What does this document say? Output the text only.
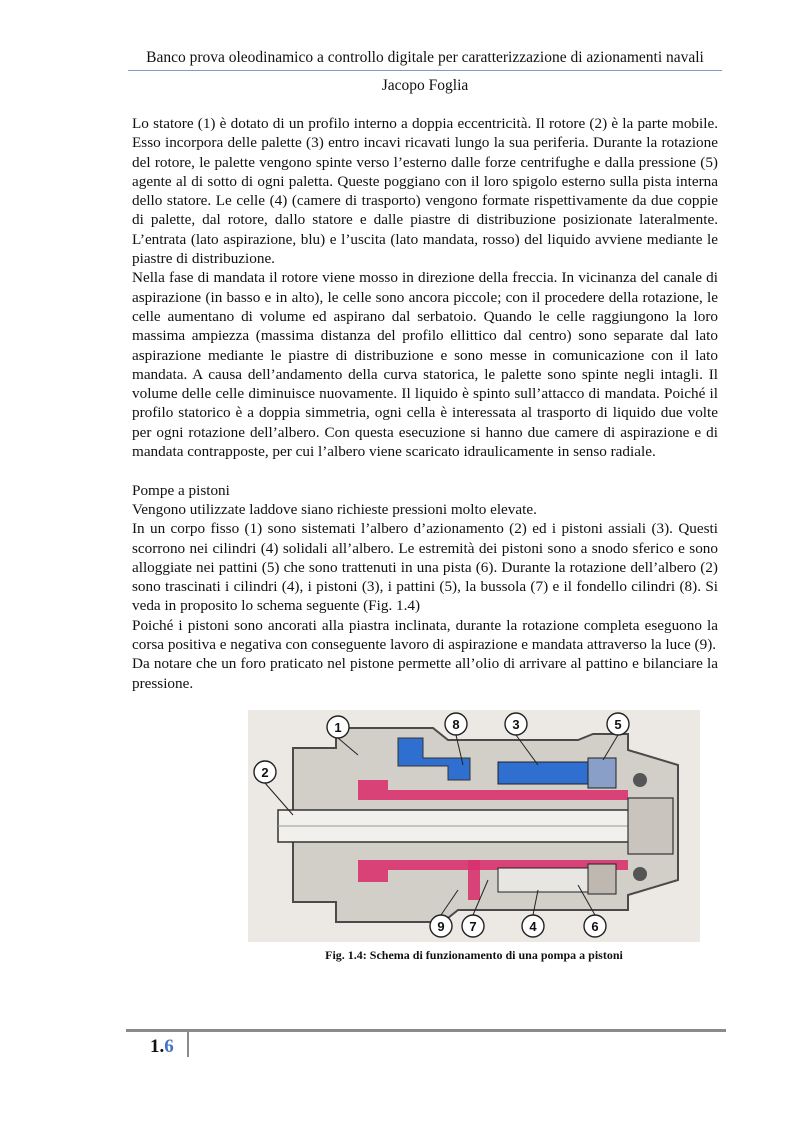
Banco prova oleodinamico a controllo digitale per caratterizzazione di azionamenti navali
Jacopo Foglia

Lo statore (1) è dotato di un profilo interno a doppia eccentricità. Il rotore (2) è la parte mobile. Esso incorpora delle palette (3) entro incavi ricavati lungo la sua periferia. Durante la rotazione del rotore, le palette vengono spinte verso l’esterno dalle forze centrifughe e dalla pressione (5) agente al di sotto di ogni paletta. Queste poggiano con il loro spigolo esterno sulla pista interna dello statore. Le celle (4) (camere di trasporto) vengono formate rispettivamente da due coppie di palette, dal rotore, dallo statore e dalle piastre di distribuzione posizionate lateralmente. L’entrata (lato aspirazione, blu) e l’uscita (lato mandata, rosso) del liquido avviene mediante le piastre di distribuzione.

Nella fase di mandata il rotore viene mosso in direzione della freccia. In vicinanza del canale di aspirazione (in basso e in alto), le celle sono ancora piccole; con il procedere della rotazione, le celle aumentano di volume ed aspirano dal serbatoio. Quando le celle raggiungono la loro massima ampiezza (massima distanza del profilo ellittico dal centro) sono separate dal lato aspirazione mediante le piastre di distribuzione e sono messe in comunicazione con il lato mandata. A causa dell’andamento della curva statorica, le palette sono spinte negli intagli. Il volume delle celle diminuisce nuovamente. Il liquido è spinto sull’attacco di mandata. Poiché il profilo statorico è a doppia simmetria, ogni cella è interessata al trasporto di liquido due volte per ogni rotazione dell’albero. Con questa esecuzione si hanno due camere di aspirazione e di mandata contrapposte, per cui l’albero viene scaricato idraulicamente in senso radiale.

Pompe a pistoni

Vengono utilizzate laddove siano richieste pressioni molto elevate.

In un corpo fisso (1) sono sistemati l’albero d’azionamento (2) ed i pistoni assiali (3). Questi scorrono nei cilindri (4) solidali all’albero. Le estremità dei pistoni sono a snodo sferico e sono alloggiate nei pattini (5) che sono trattenuti in una pista (6). Durante la rotazione dell’albero (2) sono trascinati i cilindri (4), i pistoni (3), i pattini (5), la bussola (7) e il fondello cilindri (8). Si veda in proposito lo schema seguente (Fig. 1.4)

Poiché i pistoni sono ancorati alla piastra inclinata, durante la rotazione completa eseguono la corsa positiva e negativa con conseguente lavoro di aspirazione e mandata attraverso la luce (9).

Da notare che un foro praticato nel pistone permette all’olio di arrivare al pattino e bilanciare la pressione.

1	8	3	5
2
9 7	4	6
Fig. 1.4: Schema di funzionamento di una pompa a pistoni
1.6
